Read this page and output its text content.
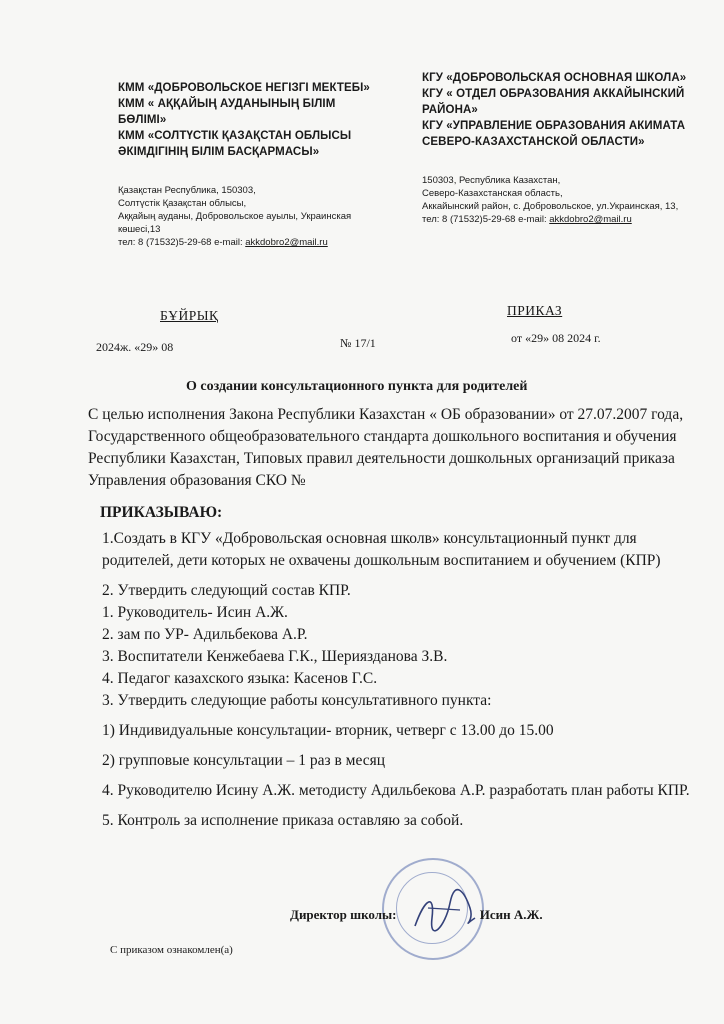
КММ «ДОБРОВОЛЬСКОЕ НЕГІЗГІ МЕКТЕБІ»
КММ « АҚҚАЙЫҢ АУДАНЫНЫҢ БІЛІМ БӨЛІМІ»
КММ «СОЛТҮСТІК ҚАЗАҚСТАН ОБЛЫСЫ
ӘКІМДІГІНІҢ БІЛІМ БАСҚАРМАСЫ»
Қазақстан Республика, 150303,
Солтүстік Қазақстан облысы,
Аққайың ауданы, Добровольское ауылы, Украинская көшесі,13
тел: 8 (71532)5-29-68 e-mail: akkdobro2@mail.ru
КГУ «ДОБРОВОЛЬСКАЯ ОСНОВНАЯ ШКОЛА»
КГУ « ОТДЕЛ ОБРАЗОВАНИЯ АККАЙЫНСКИЙ РАЙОНА»
КГУ «УПРАВЛЕНИЕ ОБРАЗОВАНИЯ АКИМАТА
СЕВЕРО-КАЗАХСТАНСКОЙ ОБЛАСТИ»
150303, Республика Казахстан,
Северо-Казахстанская область,
Аккайынский район, с. Добровольское, ул.Украинская, 13,
тел: 8 (71532)5-29-68 e-mail: akkdobro2@mail.ru
БҰЙРЫҚ	ПРИКАЗ
2024ж. «29» 08	№ 17/1	от «29» 08 2024 г.
О создании консультационного пункта для родителей

С целью исполнения Закона Республики Казахстан « ОБ образовании» от 27.07.2007 года, Государственного общеобразовательного стандарта дошкольного воспитания и обучения Республики Казахстан, Типовых правил деятельности дошкольных организаций приказа Управления образования СКО №

ПРИКАЗЫВАЮ:

1.Создать в КГУ «Добровольская основная школв» консультационный пункт для родителей, дети которых не охвачены дошкольным воспитанием и обучением (КПР)

2. Утвердить следующий состав КПР.

1. Руководитель- Исин А.Ж.

2. зам по УР- Адильбекова А.Р.

3. Воспитатели Кенжебаева Г.К., Шериязданова З.В.

4. Педагог казахского языка: Касенов Г.С.

3. Утвердить следующие работы консультативного пункта:

1) Индивидуальные консультации- вторник, четверг с 13.00 до 15.00

2) групповые консультации – 1 раз в месяц

4. Руководителю Исину А.Ж. методисту Адильбекова А.Р. разработать план работы КПР.

5. Контроль за исполнение приказа оставляю за собой.

Директор школы:	Исин А.Ж.
С приказом ознакомлен(а)
